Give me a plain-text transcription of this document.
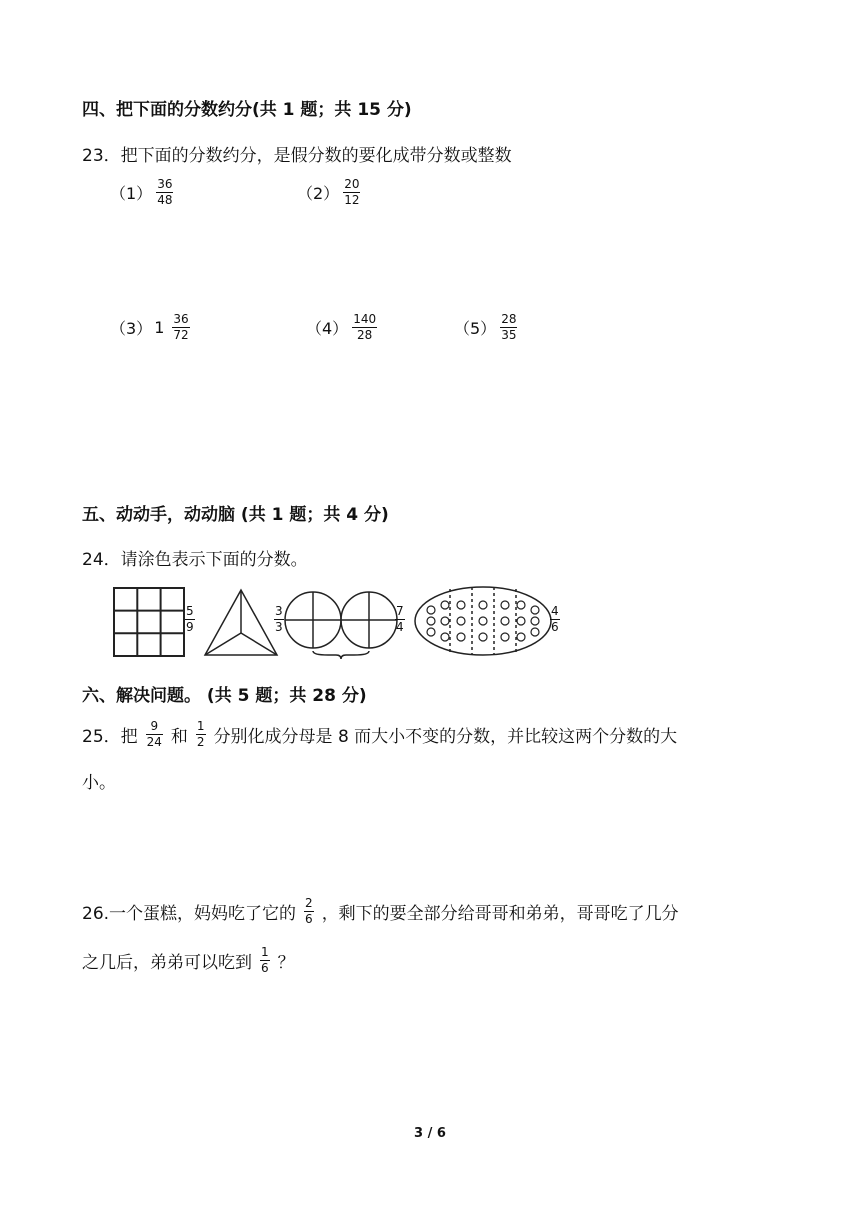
四、把下面的分数约分(共 1 题；共 15 分)
23．把下面的分数约分，是假分数的要化成带分数或整数
$(1) \frac{36}{48}$	$(2) \frac{20}{12}$
（3） $1 \frac{36}{72}$	$(4) \frac{140}{28}$	$(5) \frac{28}{35}$
五、动动手，动动脑 (共 1 题；共 4 分)
24．请涂色表示下面的分数。
$\frac{5}{9}$	$\frac{3}{3}$	$\frac{7}{4}$	$\frac{4}{6}$
六、解决问题。 (共 5 题；共 28 分)
25．把 $\frac{9}{24}$ 和 $\frac{1}{2}$ 分别化成分母是 8 而大小不变的分数，并比较这两个分数的大
小。
26.一个蛋糕，妈妈吃了它的 $\frac{2}{6}$ ，剩下的要全部分给哥哥和弟弟，哥哥吃了几分
之几后，弟弟可以吃到 $\frac{1}{6}$ ？
3 / 6
